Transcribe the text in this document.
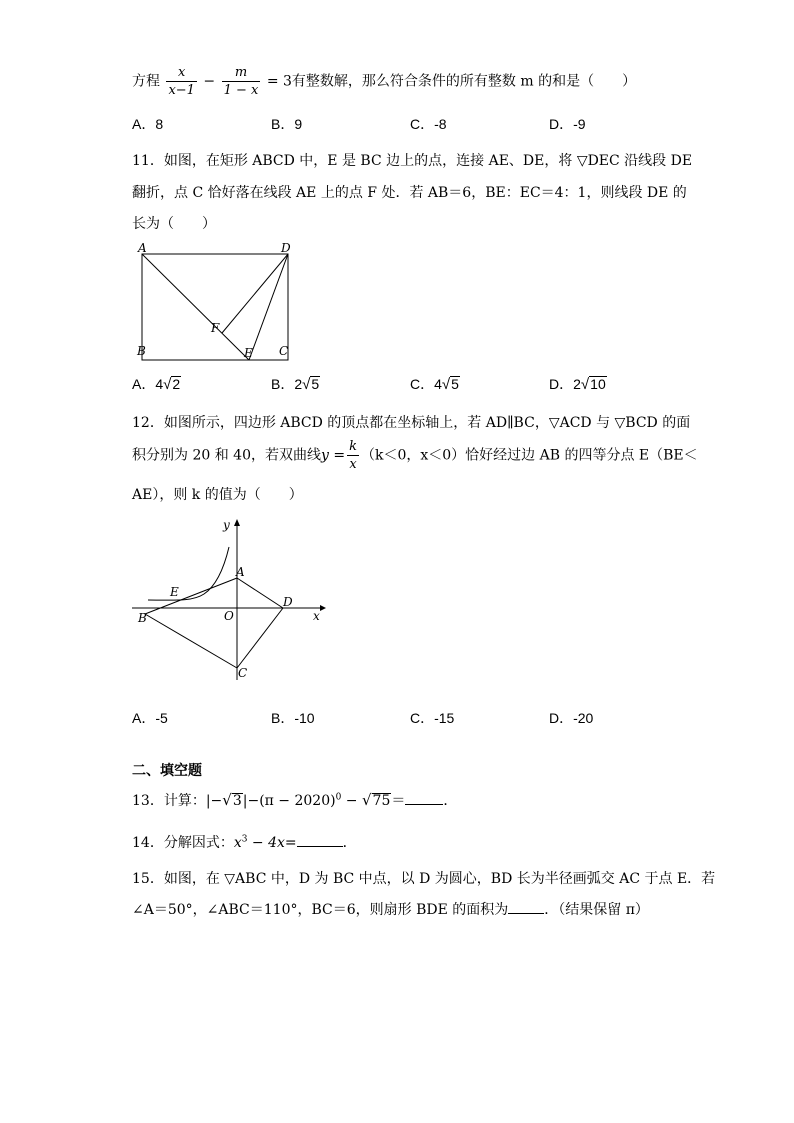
方程 $\frac{x}{x-1} - \frac{m}{1 - x} = 3$有整数解，那么符合条件的所有整数 m 的和是（　　）
A．8	B．9	C．-8	D．-9
11．如图，在矩形 ABCD 中，E 是 BC 边上的点，连接 AE、DE，将 ▽DEC 沿线段 DE
翻折，点 C 恰好落在线段 AE 上的点 F 处．若 AB＝6，BE：EC＝4：1，则线段 DE 的
长为（　　）
A	D
F
B	E C
A．4√2	B．2√5	C．4√5	D．2√10
12．如图所示，四边形 ABCD 的顶点都在坐标轴上，若 AD∥BC，▽ACD 与 ▽BCD 的面
积分别为 20 和 40，若双曲线$y = \frac{k}{x} (k<0$，x＜0）恰好经过边 AB 的四等分点 E（BE＜
AE），则 k 的值为（　　）
y
x
A
E
B	O
D
C
A．-5	B．-10	C．-15	D．-20
二、填空题
13．计算：$|-√3|-(\pi - 2020)^0 - √75=$	．
14．分解因式：$x^3 - 4x=$	．
15．如图，在 ▽ABC 中，D 为 BC 中点，以 D 为圆心，BD 长为半径画弧交 AC 于点 E．若
∠A＝50°，∠ABC＝110°，BC＝6，则扇形 BDE 的面积为	．（结果保留 π）
